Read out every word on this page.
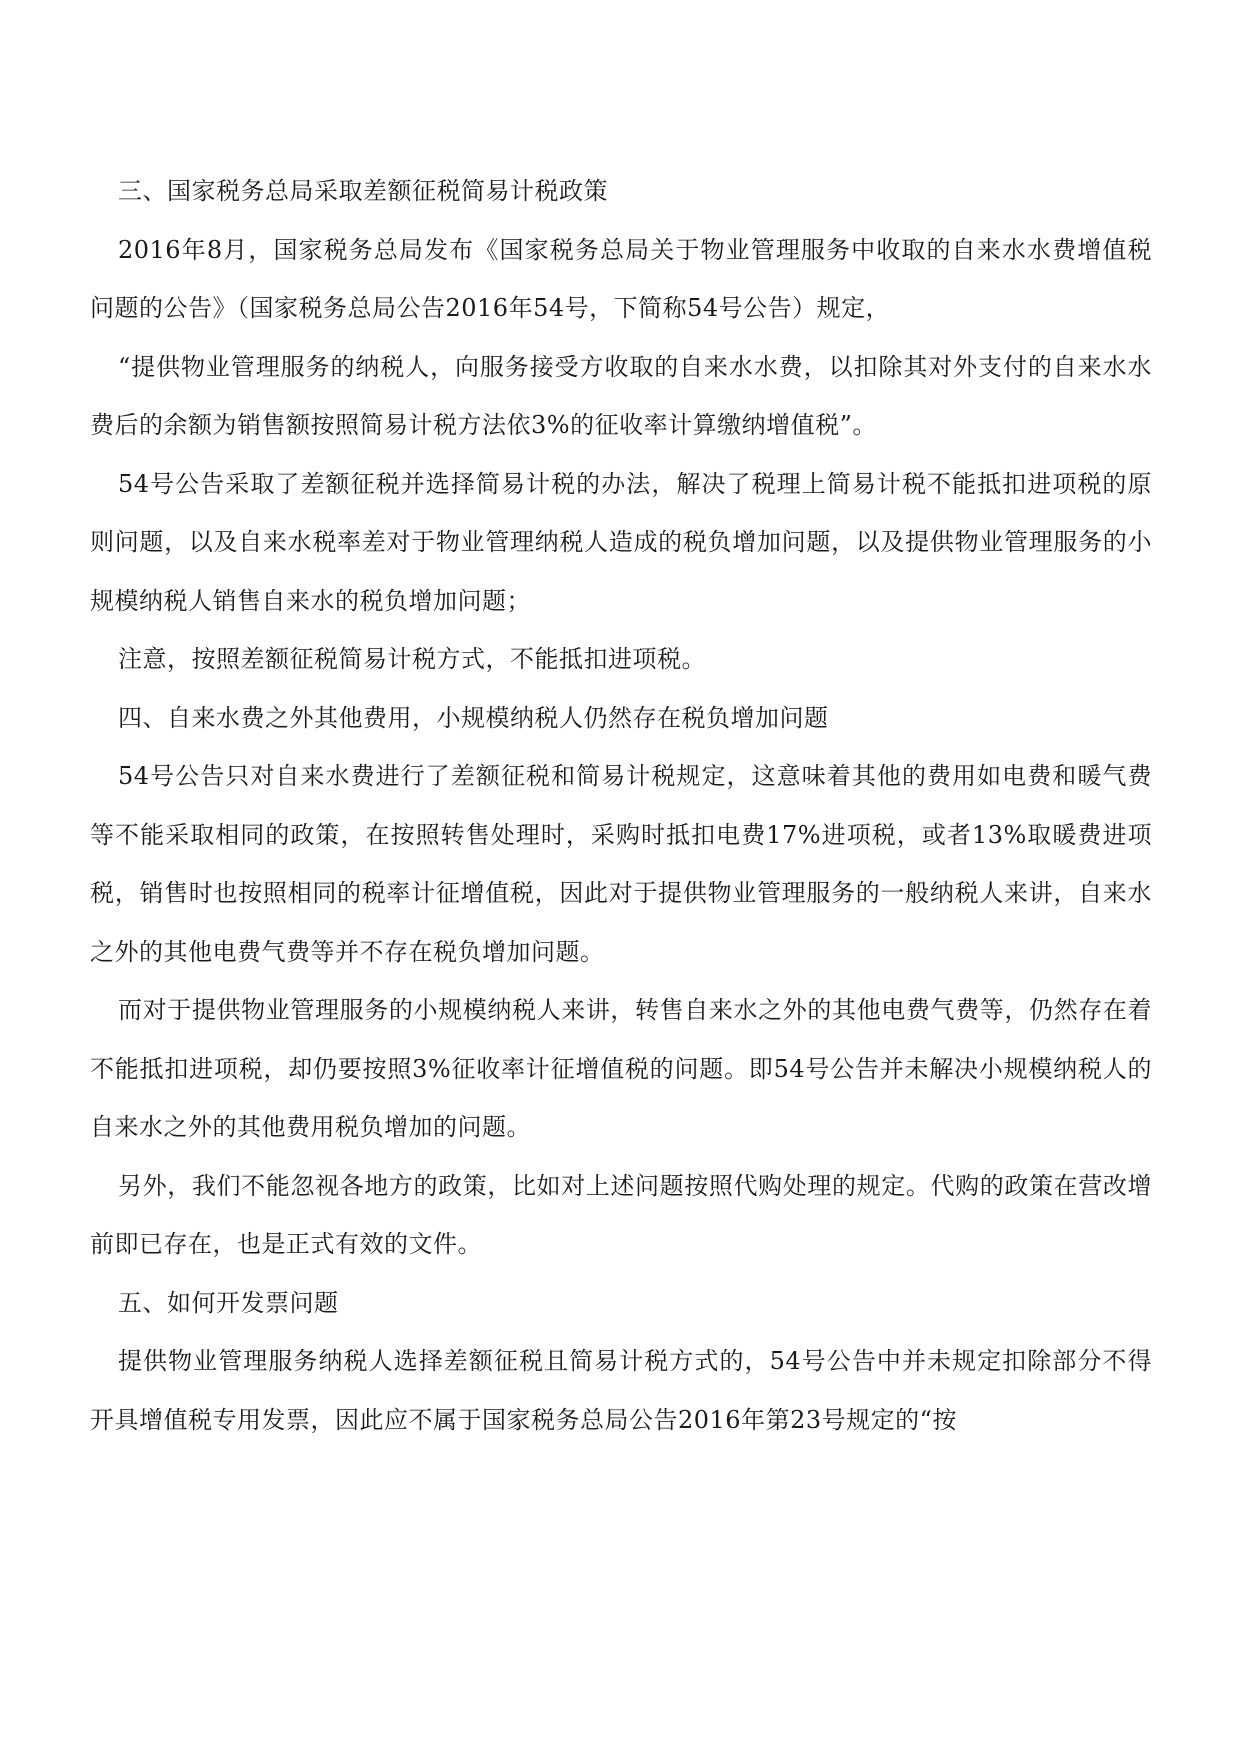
三、国家税务总局采取差额征税简易计税政策

2016年8月，国家税务总局发布《国家税务总局关于物业管理服务中收取的自来水水费增值税问题的公告》（国家税务总局公告2016年54号，下简称54号公告）规定，

“提供物业管理服务的纳税人，向服务接受方收取的自来水水费，以扣除其对外支付的自来水水费后的余额为销售额按照简易计税方法依3%的征收率计算缴纳增值税”。

54号公告采取了差额征税并选择简易计税的办法，解决了税理上简易计税不能抵扣进项税的原则问题，以及自来水税率差对于物业管理纳税人造成的税负增加问题，以及提供物业管理服务的小规模纳税人销售自来水的税负增加问题；

注意，按照差额征税简易计税方式，不能抵扣进项税。

四、自来水费之外其他费用，小规模纳税人仍然存在税负增加问题

54号公告只对自来水费进行了差额征税和简易计税规定，这意味着其他的费用如电费和暖气费等不能采取相同的政策，在按照转售处理时，采购时抵扣电费17%进项税，或者13%取暖费进项税，销售时也按照相同的税率计征增值税，因此对于提供物业管理服务的一般纳税人来讲，自来水之外的其他电费气费等并不存在税负增加问题。

而对于提供物业管理服务的小规模纳税人来讲，转售自来水之外的其他电费气费等，仍然存在着不能抵扣进项税，却仍要按照3%征收率计征增值税的问题。即54号公告并未解决小规模纳税人的自来水之外的其他费用税负增加的问题。

另外，我们不能忽视各地方的政策，比如对上述问题按照代购处理的规定。代购的政策在营改增前即已存在，也是正式有效的文件。

五、如何开发票问题

提供物业管理服务纳税人选择差额征税且简易计税方式的，54号公告中并未规定扣除部分不得开具增值税专用发票，因此应不属于国家税务总局公告2016年第23号规定的“按
